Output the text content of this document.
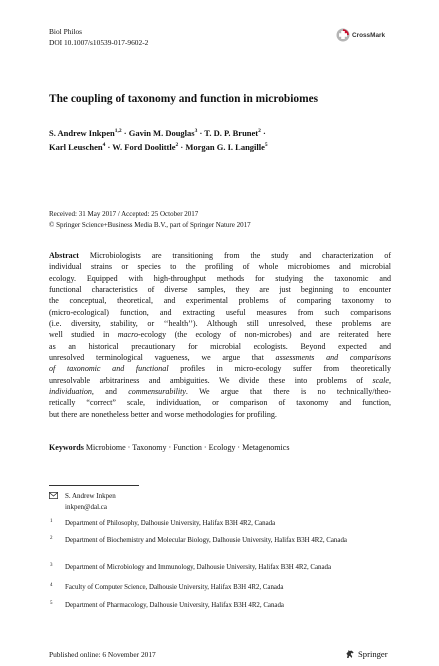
Biol Philos
DOI 10.1007/s10539-017-9602-2
CrossMark
The coupling of taxonomy and function in microbiomes
S. Andrew Inkpen$^{1,2}$ · Gavin M. Douglas$^3$ · T. D. P. Brunet$^2$ ·
Karl Leuschen$^4$ · W. Ford Doolittle$^2$ · Morgan G. I. Langille$^5$
Received: 31 May 2017 / Accepted: 25 October 2017
© Springer Science+Business Media B.V., part of Springer Nature 2017
Abstract Microbiologists are transitioning from the study and characterization of
individual strains or species to the profiling of whole microbiomes and microbial
ecology. Equipped with high-throughput methods for studying the taxonomic and
functional characteristics of diverse samples, they are just beginning to encounter
the conceptual, theoretical, and experimental problems of comparing taxonomy to
(micro-ecological) function, and extracting useful measures from such comparisons
(i.e. diversity, stability, or ‘‘health’’). Although still unresolved, these problems are
well studied in macro-ecology (the ecology of non-microbes) and are reiterated here
as an historical precautionary for microbial ecologists. Beyond expected and
unresolved terminological vagueness, we argue that assessments and comparisons
of taxonomic and functional profiles in micro-ecology suffer from theoretically
unresolvable arbitrariness and ambiguities. We divide these into problems of scale,
individuation, and commensurability. We argue that there is no technically/theo-
retically “correct” scale, individuation, or comparison of taxonomy and function,
but there are nonetheless better and worse methodologies for profiling.
Keywords Microbiome · Taxonomy · Function · Ecology · Metagenomics
S. Andrew Inkpen
inkpen@dal.ca
1 Department of Philosophy, Dalhousie University, Halifax B3H 4R2, Canada
2 Department of Biochemistry and Molecular Biology, Dalhousie University, Halifax B3H 4R2, Canada
3 Department of Microbiology and Immunology, Dalhousie University, Halifax B3H 4R2, Canada
4 Faculty of Computer Science, Dalhousie University, Halifax B3H 4R2, Canada
5 Department of Pharmacology, Dalhousie University, Halifax B3H 4R2, Canada
Published online: 6 November 2017	Springer
